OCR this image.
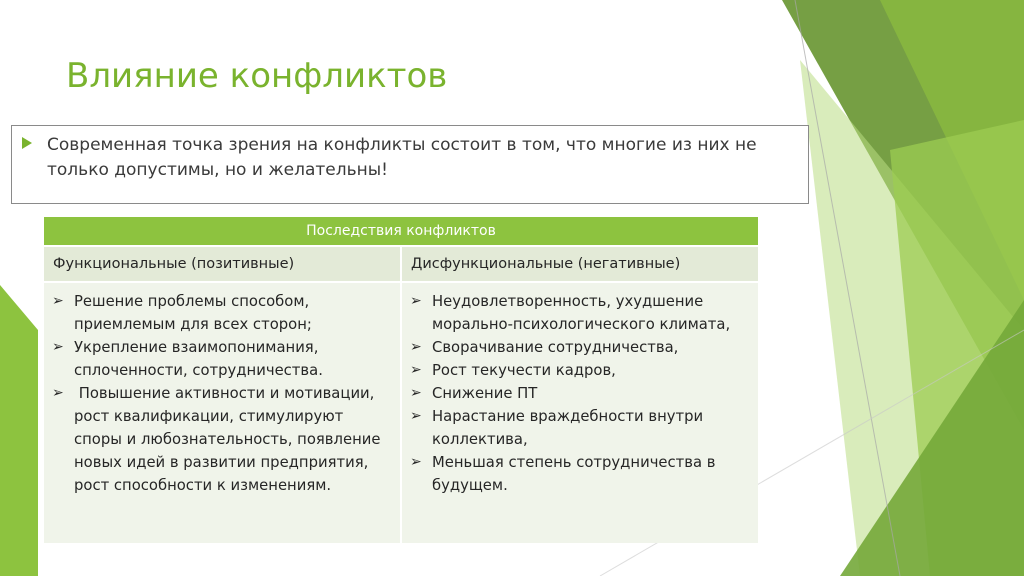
Влияние конфликтов

Современная точка зрения на конфликты состоит в том, что многие из них не только допустимы, но и желательны!

Последствия конфликтов
Функциональные (позитивные)	Дисфункциональные (негативные)
➢ Решение проблемы способом, приемлемым для всех сторон;
➢ Укрепление взаимопонимания, сплоченности, сотрудничества.
➢ Повышение активности и мотивации, рост квалификации, стимулируют споры и любознательность, появление новых идей в развитии предприятия, рост способности к изменениям.
➢ Неудовлетворенность, ухудшение морально-психологического климата,
➢ Сворачивание сотрудничества,
➢ Рост текучести кадров,
➢ Снижение ПТ
➢ Нарастание враждебности внутри коллектива,
➢ Меньшая степень сотрудничества в будущем.
